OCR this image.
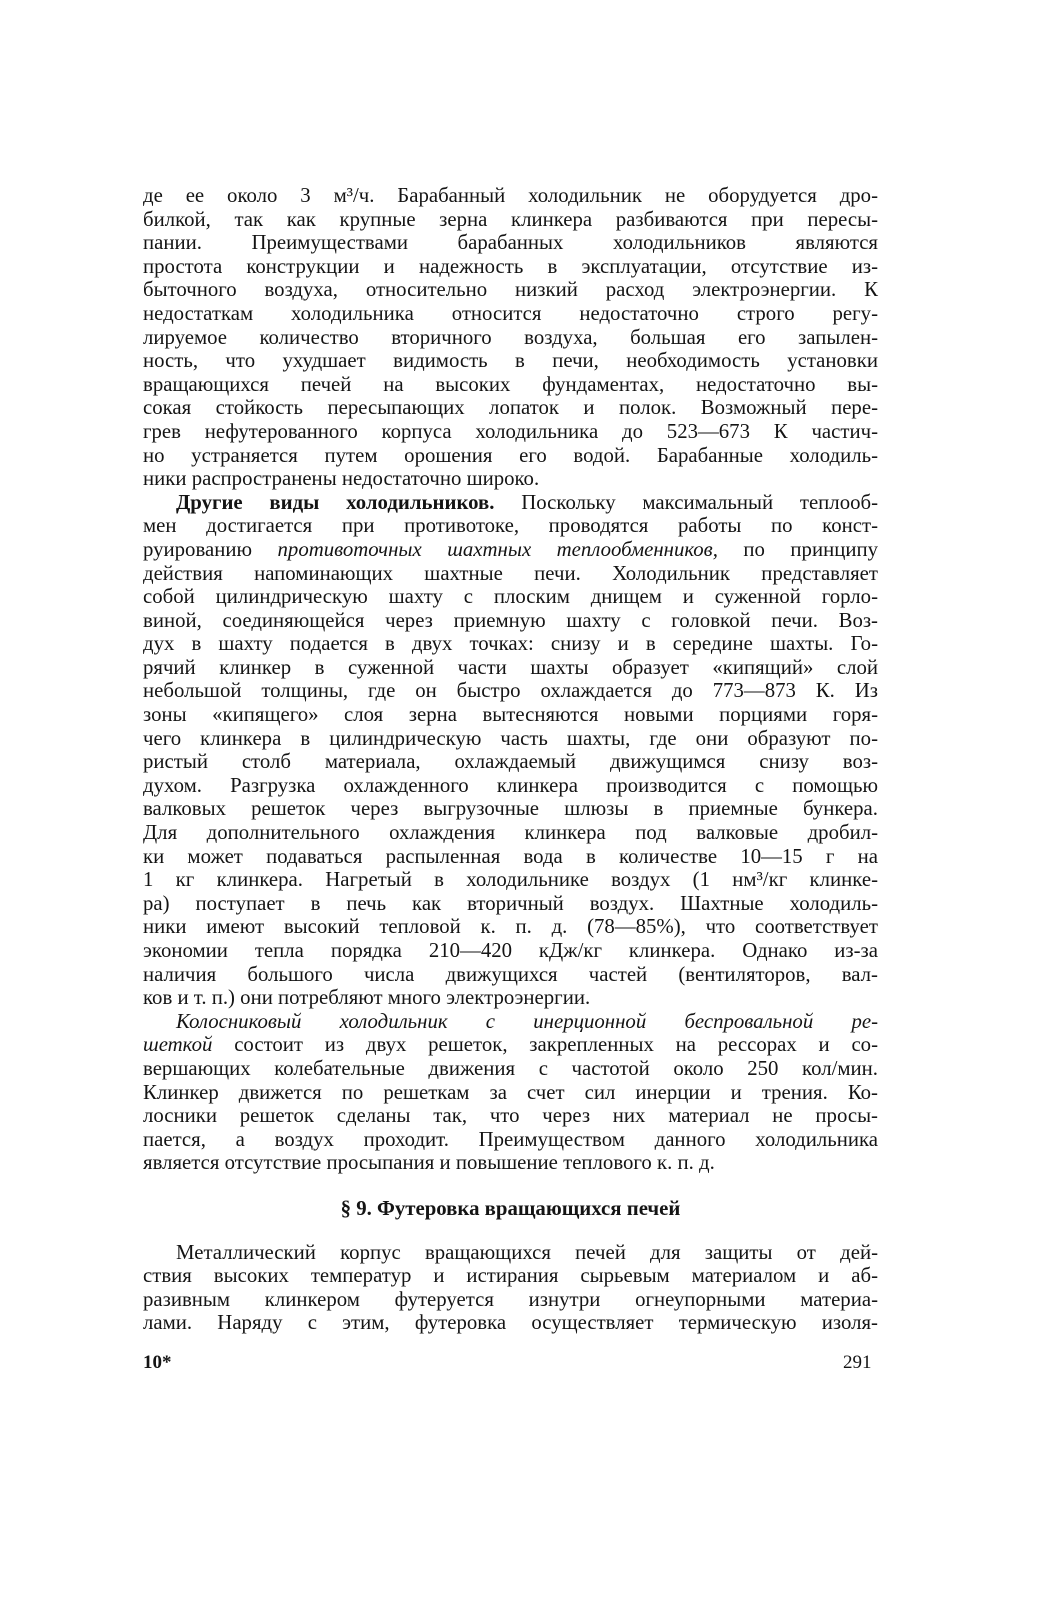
де ее около 3 м³/ч. Барабанный холодильник не оборудуется дро-
билкой, так как крупные зерна клинкера разбиваются при пересы-
пании. Преимуществами барабанных холодильников являются
простота конструкции и надежность в эксплуатации, отсутствие из-
быточного воздуха, относительно низкий расход электроэнергии. К
недостаткам холодильника относится недостаточно строго регу-
лируемое количество вторичного воздуха, большая его запылен-
ность, что ухудшает видимость в печи, необходимость установки
вращающихся печей на высоких фундаментах, недостаточно вы-
сокая стойкость пересыпающих лопаток и полок. Возможный пере-
грев нефутерованного корпуса холодильника до 523—673 К частич-
но устраняется путем орошения его водой. Барабанные холодиль-
ники распространены недостаточно широко.
Другие виды холодильников. Поскольку максимальный теплооб-
мен достигается при противотоке, проводятся работы по конст-
руированию противоточных шахтных теплообменников, по принципу
действия напоминающих шахтные печи. Холодильник представляет
собой цилиндрическую шахту с плоским днищем и суженной горло-
виной, соединяющейся через приемную шахту с головкой печи. Воз-
дух в шахту подается в двух точках: снизу и в середине шахты. Го-
рячий клинкер в суженной части шахты образует «кипящий» слой
небольшой толщины, где он быстро охлаждается до 773—873 К. Из
зоны «кипящего» слоя зерна вытесняются новыми порциями горя-
чего клинкера в цилиндрическую часть шахты, где они образуют по-
ристый столб материала, охлаждаемый движущимся снизу воз-
духом. Разгрузка охлажденного клинкера производится с помощью
валковых решеток через выгрузочные шлюзы в приемные бункера.
Для дополнительного охлаждения клинкера под валковые дробил-
ки может подаваться распыленная вода в количестве 10—15 г на
1 кг клинкера. Нагретый в холодильнике воздух (1 нм³/кг клинке-
ра) поступает в печь как вторичный воздух. Шахтные холодиль-
ники имеют высокий тепловой к. п. д. (78—85%), что соответствует
экономии тепла порядка 210—420 кДж/кг клинкера. Однако из-за
наличия большого числа движущихся частей (вентиляторов, вал-
ков и т. п.) они потребляют много электроэнергии.
Колосниковый холодильник с инерционной беспровальной ре-
шеткой состоит из двух решеток, закрепленных на рессорах и со-
вершающих колебательные движения с частотой около 250 кол/мин.
Клинкер движется по решеткам за счет сил инерции и трения. Ко-
лосники решеток сделаны так, что через них материал не просы-
пается, а воздух проходит. Преимуществом данного холодильника
является отсутствие просыпания и повышение теплового к. п. д.
§ 9. Футеровка вращающихся печей
Металлический корпус вращающихся печей для защиты от дей-
ствия высоких температур и истирания сырьевым материалом и аб-
разивным клинкером футеруется изнутри огнеупорными материа-
лами. Наряду с этим, футеровка осуществляет термическую изоля-
10*	291
